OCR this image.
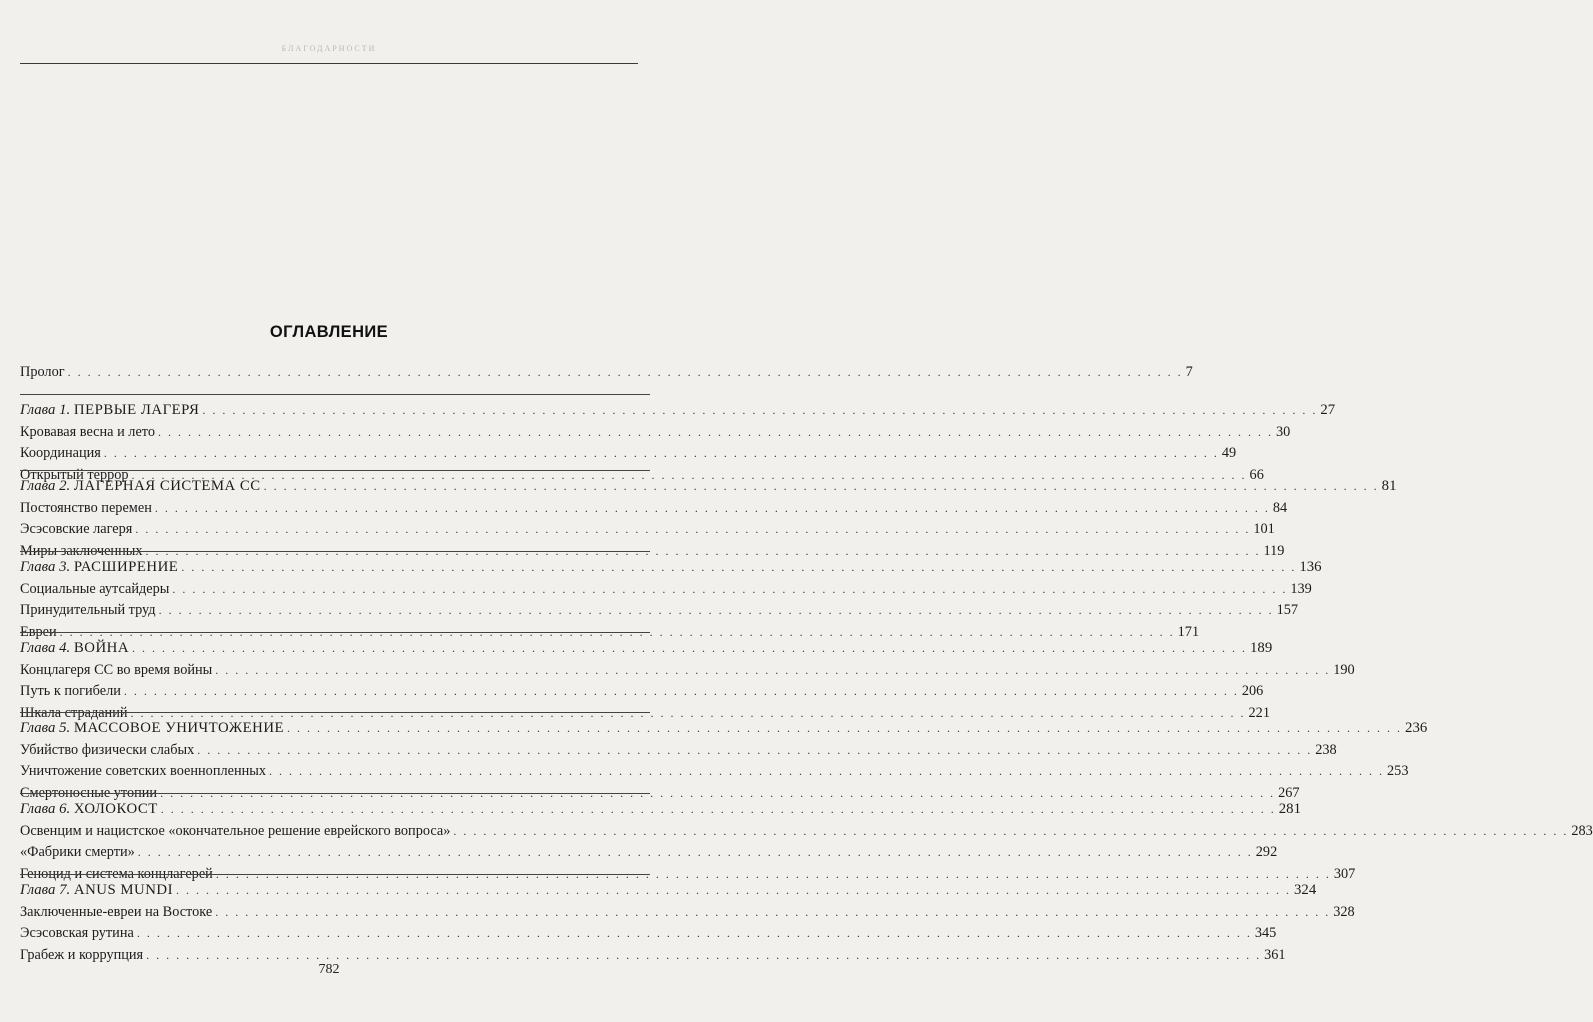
БЛАГОДАРНОСТИ
ОГЛАВЛЕНИЕ
Пролог . . .	7
Глава 1. ПЕРВЫЕ ЛАГЕРЯ . . .	27
Кровавая весна и лето . . .	30
Координация . . .	49
Открытый террор . . .	66
Глава 2. ЛАГЕРНАЯ СИСТЕМА СС . . .	81
Постоянство перемен . . .	84
Эсэсовские лагеря . . .	101
Миры заключенных . . .	119
Глава 3. РАСШИРЕНИЕ . . .	136
Социальные аутсайдеры . . .	139
Принудительный труд . . .	157
Евреи . . .	171
Глава 4. ВОЙНА . . .	189
Концлагеря СС во время войны . . .	190
Путь к погибели . . .	206
Шкала страданий . . .	221
Глава 5. МАССОВОЕ УНИЧТОЖЕНИЕ . . .	236
Убийство физически слабых . . .	238
Уничтожение советских военнопленных . . .	253
Смертоносные утопии . . .	267
Глава 6. ХОЛОКОСТ . . .	281
Освенцим и нацистское «окончательное решение еврейского вопроса» . . .	283
«Фабрики смерти» . . .	292
Геноцид и система концлагерей . . .	307
Глава 7. ANUS MUNDI . . .	324
Заключенные-евреи на Востоке . . .	328
Эсэсовская рутина . . .	345
Грабеж и коррупция . . .	361
782
